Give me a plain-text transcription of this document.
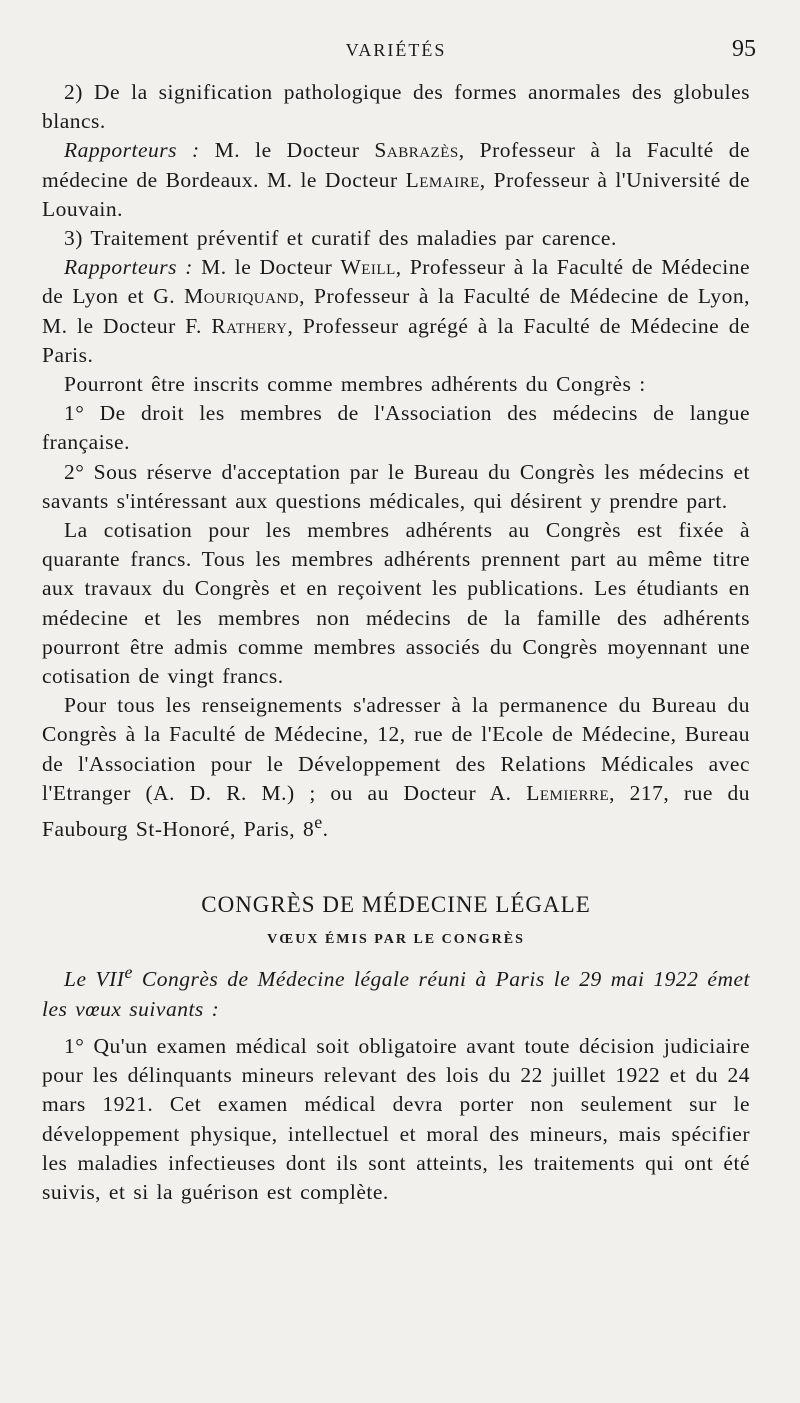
VARIÉTÉS	95

2) De la signification pathologique des formes anormales des globules blancs.

Rapporteurs : M. le Docteur Sabrazès, Professeur à la Faculté de médecine de Bordeaux. M. le Docteur Lemaire, Professeur à l'Université de Louvain.

3) Traitement préventif et curatif des maladies par carence.

Rapporteurs : M. le Docteur Weill, Professeur à la Faculté de Médecine de Lyon et G. Mouriquand, Professeur à la Faculté de Médecine de Lyon, M. le Docteur F. Rathery, Professeur agrégé à la Faculté de Médecine de Paris.

Pourront être inscrits comme membres adhérents du Congrès :

1° De droit les membres de l'Association des médecins de langue française.

2° Sous réserve d'acceptation par le Bureau du Congrès les médecins et savants s'intéressant aux questions médicales, qui désirent y prendre part.

La cotisation pour les membres adhérents au Congrès est fixée à quarante francs. Tous les membres adhérents prennent part au même titre aux travaux du Congrès et en reçoivent les publications. Les étudiants en médecine et les membres non médecins de la famille des adhérents pourront être admis comme membres associés du Congrès moyennant une cotisation de vingt francs.

Pour tous les renseignements s'adresser à la permanence du Bureau du Congrès à la Faculté de Médecine, 12, rue de l'Ecole de Médecine, Bureau de l'Association pour le Développement des Relations Médicales avec l'Etranger (A. D. R. M.) ; ou au Docteur A. Lemierre, 217, rue du Faubourg St-Honoré, Paris, 8e.

CONGRÈS DE MÉDECINE LÉGALE
VŒUX ÉMIS PAR LE CONGRÈS

Le VIIe Congrès de Médecine légale réuni à Paris le 29 mai 1922 émet les vœux suivants :

1° Qu'un examen médical soit obligatoire avant toute décision judiciaire pour les délinquants mineurs relevant des lois du 22 juillet 1922 et du 24 mars 1921. Cet examen médical devra porter non seulement sur le développement physique, intellectuel et moral des mineurs, mais spécifier les maladies infectieuses dont ils sont atteints, les traitements qui ont été suivis, et si la guérison est complète.
